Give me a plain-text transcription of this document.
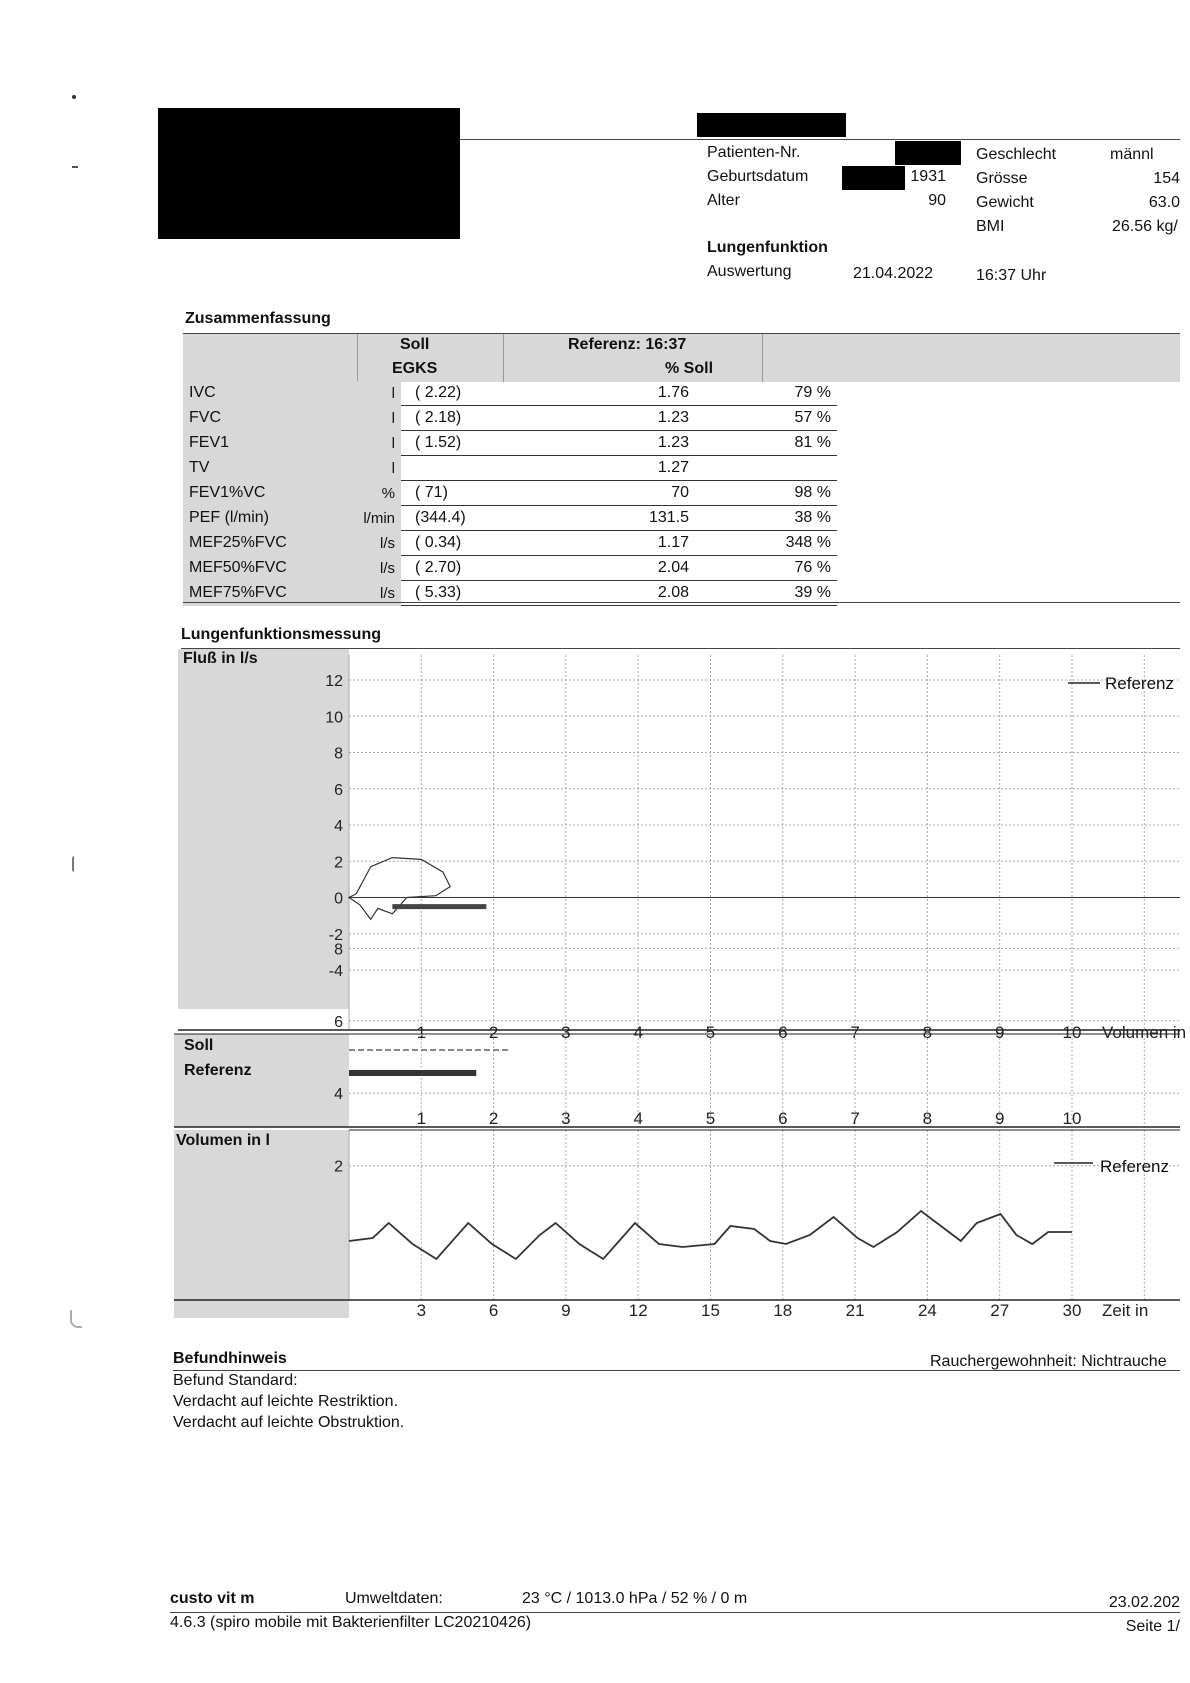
Patienten-Nr.
Geburtsdatum	1931
Alter	90
Geschlecht	männl
Grösse	154
Gewicht	63.0
BMI	26.56 kg/
Lungenfunktion
Auswertung	21.04.2022	16:37 Uhr
Zusammenfassung
Soll
EGKS
Referenz: 16:37
% Soll
IVC	l	( 2.22)	1.76	79 %
FVC	l	( 2.18)	1.23	57 %
FEV1	l	( 1.52)	1.23	81 %
TV	l		1.27	
FEV1%VC	%	( 71)	70	98 %
PEF (l/min)	l/min	(344.4)	131.5	38 %
MEF25%FVC	l/s	( 0.34)	1.17	348 %
MEF50%FVC	l/s	( 2.70)	2.04	76 %
MEF75%FVC	l/s	( 5.33)	2.08	39 %
Lungenfunktionsmessung
12
10
8
6
4
2
0
-2
-4
1	2	3	4	5	6	7	8	9	10 Volumen in
1	2	3	4	5	6	7	8	9	10
8
6
4
2
3	6	9	12	15	18	21	24	27	30 Zeit in
Fluß in l/s
Soll
Referenz
Volumen in l
Referenz
Referenz
Befundhinweis	Rauchergewohnheit: Nichtrauche
Befund Standard:
Verdacht auf leichte Restriktion.
Verdacht auf leichte Obstruktion.
custo vit m	Umweltdaten:	23 °C / 1013.0 hPa / 52 % / 0 m	23.02.202
4.6.3 (spiro mobile mit Bakterienfilter LC20210426)	Seite 1/
